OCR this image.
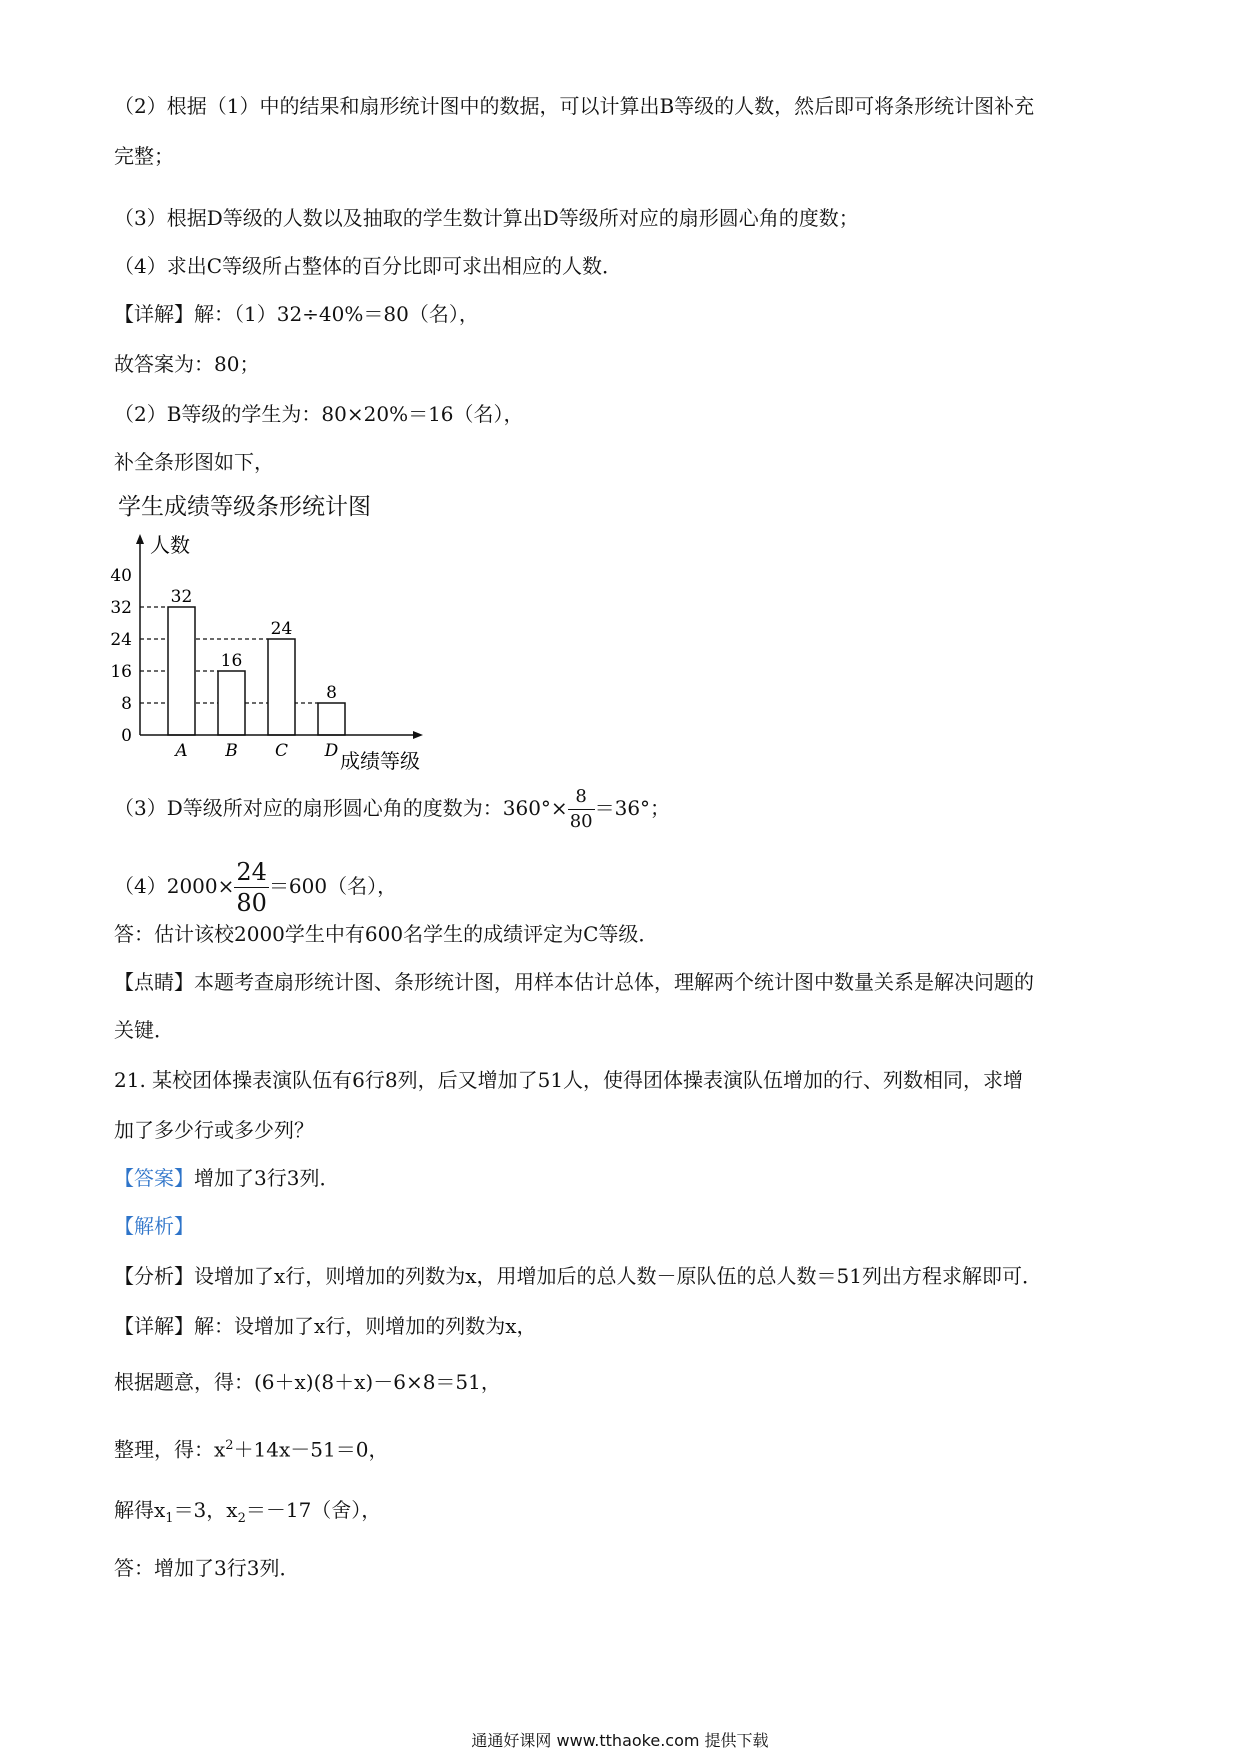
（2）根据（1）中的结果和扇形统计图中的数据，可以计算出B等级的人数，然后即可将条形统计图补充
完整；
（3）根据D等级的人数以及抽取的学生数计算出D等级所对应的扇形圆心角的度数；
（4）求出C等级所占整体的百分比即可求出相应的人数．
【详解】解：（1）32÷40%＝80（名），
故答案为：80；
（2）B等级的学生为：80×20%＝16（名），
补全条形图如下，
学生成绩等级条形统计图
32
A
16
B
24
C
8
D
0
8
16
24
32
40
人数
成绩等级
（3）D等级所对应的扇形圆心角的度数为：$360^\circ\times \frac{8}{80} =36^\circ$；
$(4)2000\times \frac{24}{80} =600$（名），
答：估计该校2000学生中有600名学生的成绩评定为C等级．
【点睛】本题考查扇形统计图、条形统计图，用样本估计总体，理解两个统计图中数量关系是解决问题的
关键．
21. 某校团体操表演队伍有6行8列，后又增加了51人，使得团体操表演队伍增加的行、列数相同，求增
加了多少行或多少列？
【答案】增加了3行3列．
【解析】
【分析】设增加了x行，则增加的列数为x，用增加后的总人数－原队伍的总人数＝51列出方程求解即可．
【详解】解：设增加了x行，则增加的列数为x，
根据题意，得：(6＋x)(8＋x)－6×8＝51，
整理，得：$x^2+14x-51=0$，
解得$x_1=3$，$x_2=-17$（舍），
答：增加了3行3列．
通通好课网 www.tthaoke.com 提供下载
